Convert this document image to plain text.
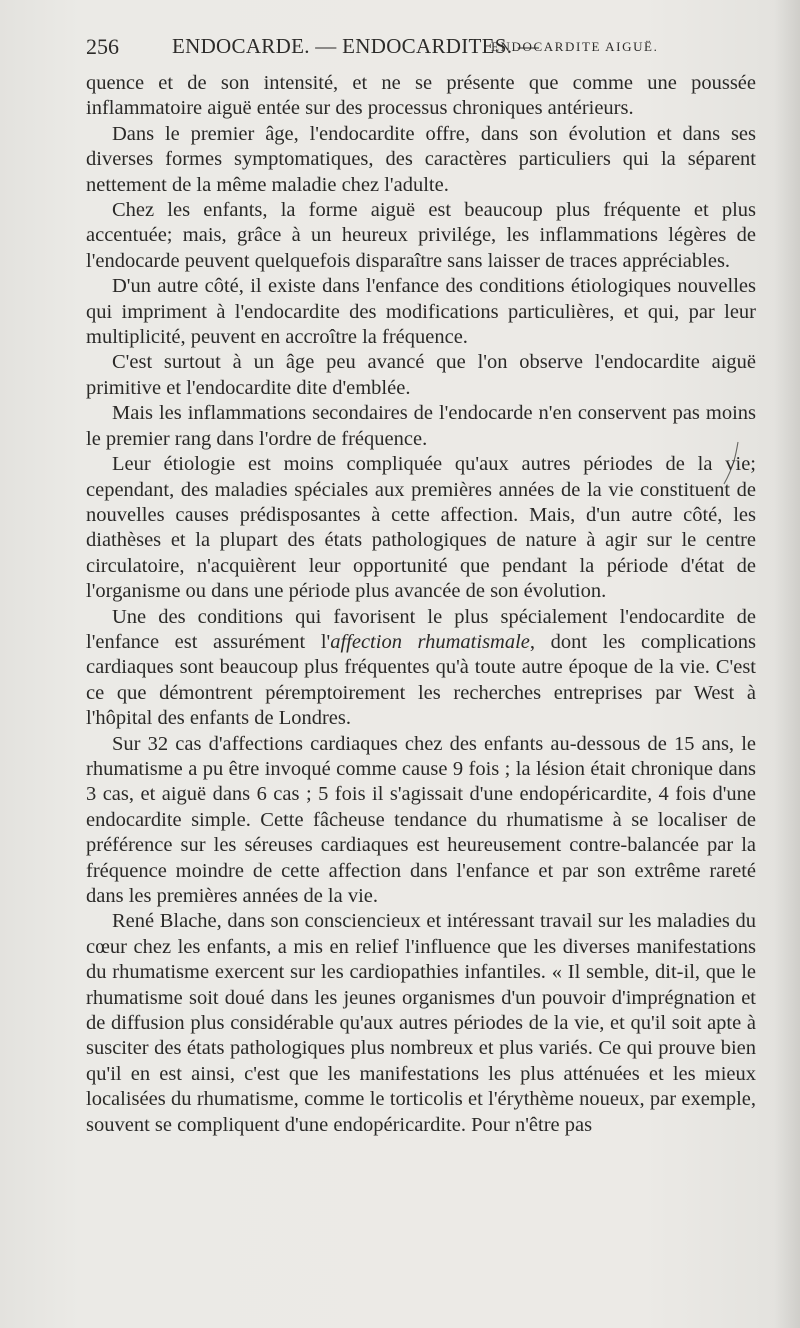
256	ENDOCARDE. — ENDOCARDITES. —
ENDOCARDITE AIGUË.

quence et de son intensité, et ne se présente que comme une poussée inflammatoire aiguë entée sur des processus chroniques antérieurs.

Dans le premier âge, l'endocardite offre, dans son évolution et dans ses diverses formes symptomatiques, des caractères particuliers qui la séparent nettement de la même maladie chez l'adulte.

Chez les enfants, la forme aiguë est beaucoup plus fréquente et plus accentuée; mais, grâce à un heureux privilége, les inflammations légères de l'endocarde peuvent quelquefois disparaître sans laisser de traces appréciables.

D'un autre côté, il existe dans l'enfance des conditions étiologiques nouvelles qui impriment à l'endocardite des modifications particulières, et qui, par leur multiplicité, peuvent en accroître la fréquence.

C'est surtout à un âge peu avancé que l'on observe l'endocardite aiguë primitive et l'endocardite dite d'emblée.

Mais les inflammations secondaires de l'endocarde n'en conservent pas moins le premier rang dans l'ordre de fréquence.

Leur étiologie est moins compliquée qu'aux autres périodes de la vie; cependant, des maladies spéciales aux premières années de la vie constituent de nouvelles causes prédisposantes à cette affection. Mais, d'un autre côté, les diathèses et la plupart des états pathologiques de nature à agir sur le centre circulatoire, n'acquièrent leur opportunité que pendant la période d'état de l'organisme ou dans une période plus avancée de son évolution.

Une des conditions qui favorisent le plus spécialement l'endocardite de l'enfance est assurément l'affection rhumatismale, dont les complications cardiaques sont beaucoup plus fréquentes qu'à toute autre époque de la vie. C'est ce que démontrent péremptoirement les recherches entreprises par West à l'hôpital des enfants de Londres.

Sur 32 cas d'affections cardiaques chez des enfants au-dessous de 15 ans, le rhumatisme a pu être invoqué comme cause 9 fois ; la lésion était chronique dans 3 cas, et aiguë dans 6 cas ; 5 fois il s'agissait d'une endopéricardite, 4 fois d'une endocardite simple. Cette fâcheuse tendance du rhumatisme à se localiser de préférence sur les séreuses cardiaques est heureusement contre-balancée par la fréquence moindre de cette affection dans l'enfance et par son extrême rareté dans les premières années de la vie.

René Blache, dans son consciencieux et intéressant travail sur les maladies du cœur chez les enfants, a mis en relief l'influence que les diverses manifestations du rhumatisme exercent sur les cardiopathies infantiles. « Il semble, dit-il, que le rhumatisme soit doué dans les jeunes organismes d'un pouvoir d'imprégnation et de diffusion plus considérable qu'aux autres périodes de la vie, et qu'il soit apte à susciter des états pathologiques plus nombreux et plus variés. Ce qui prouve bien qu'il en est ainsi, c'est que les manifestations les plus atténuées et les mieux localisées du rhumatisme, comme le torticolis et l'érythème noueux, par exemple, souvent se compliquent d'une endopéricardite. Pour n'être pas
